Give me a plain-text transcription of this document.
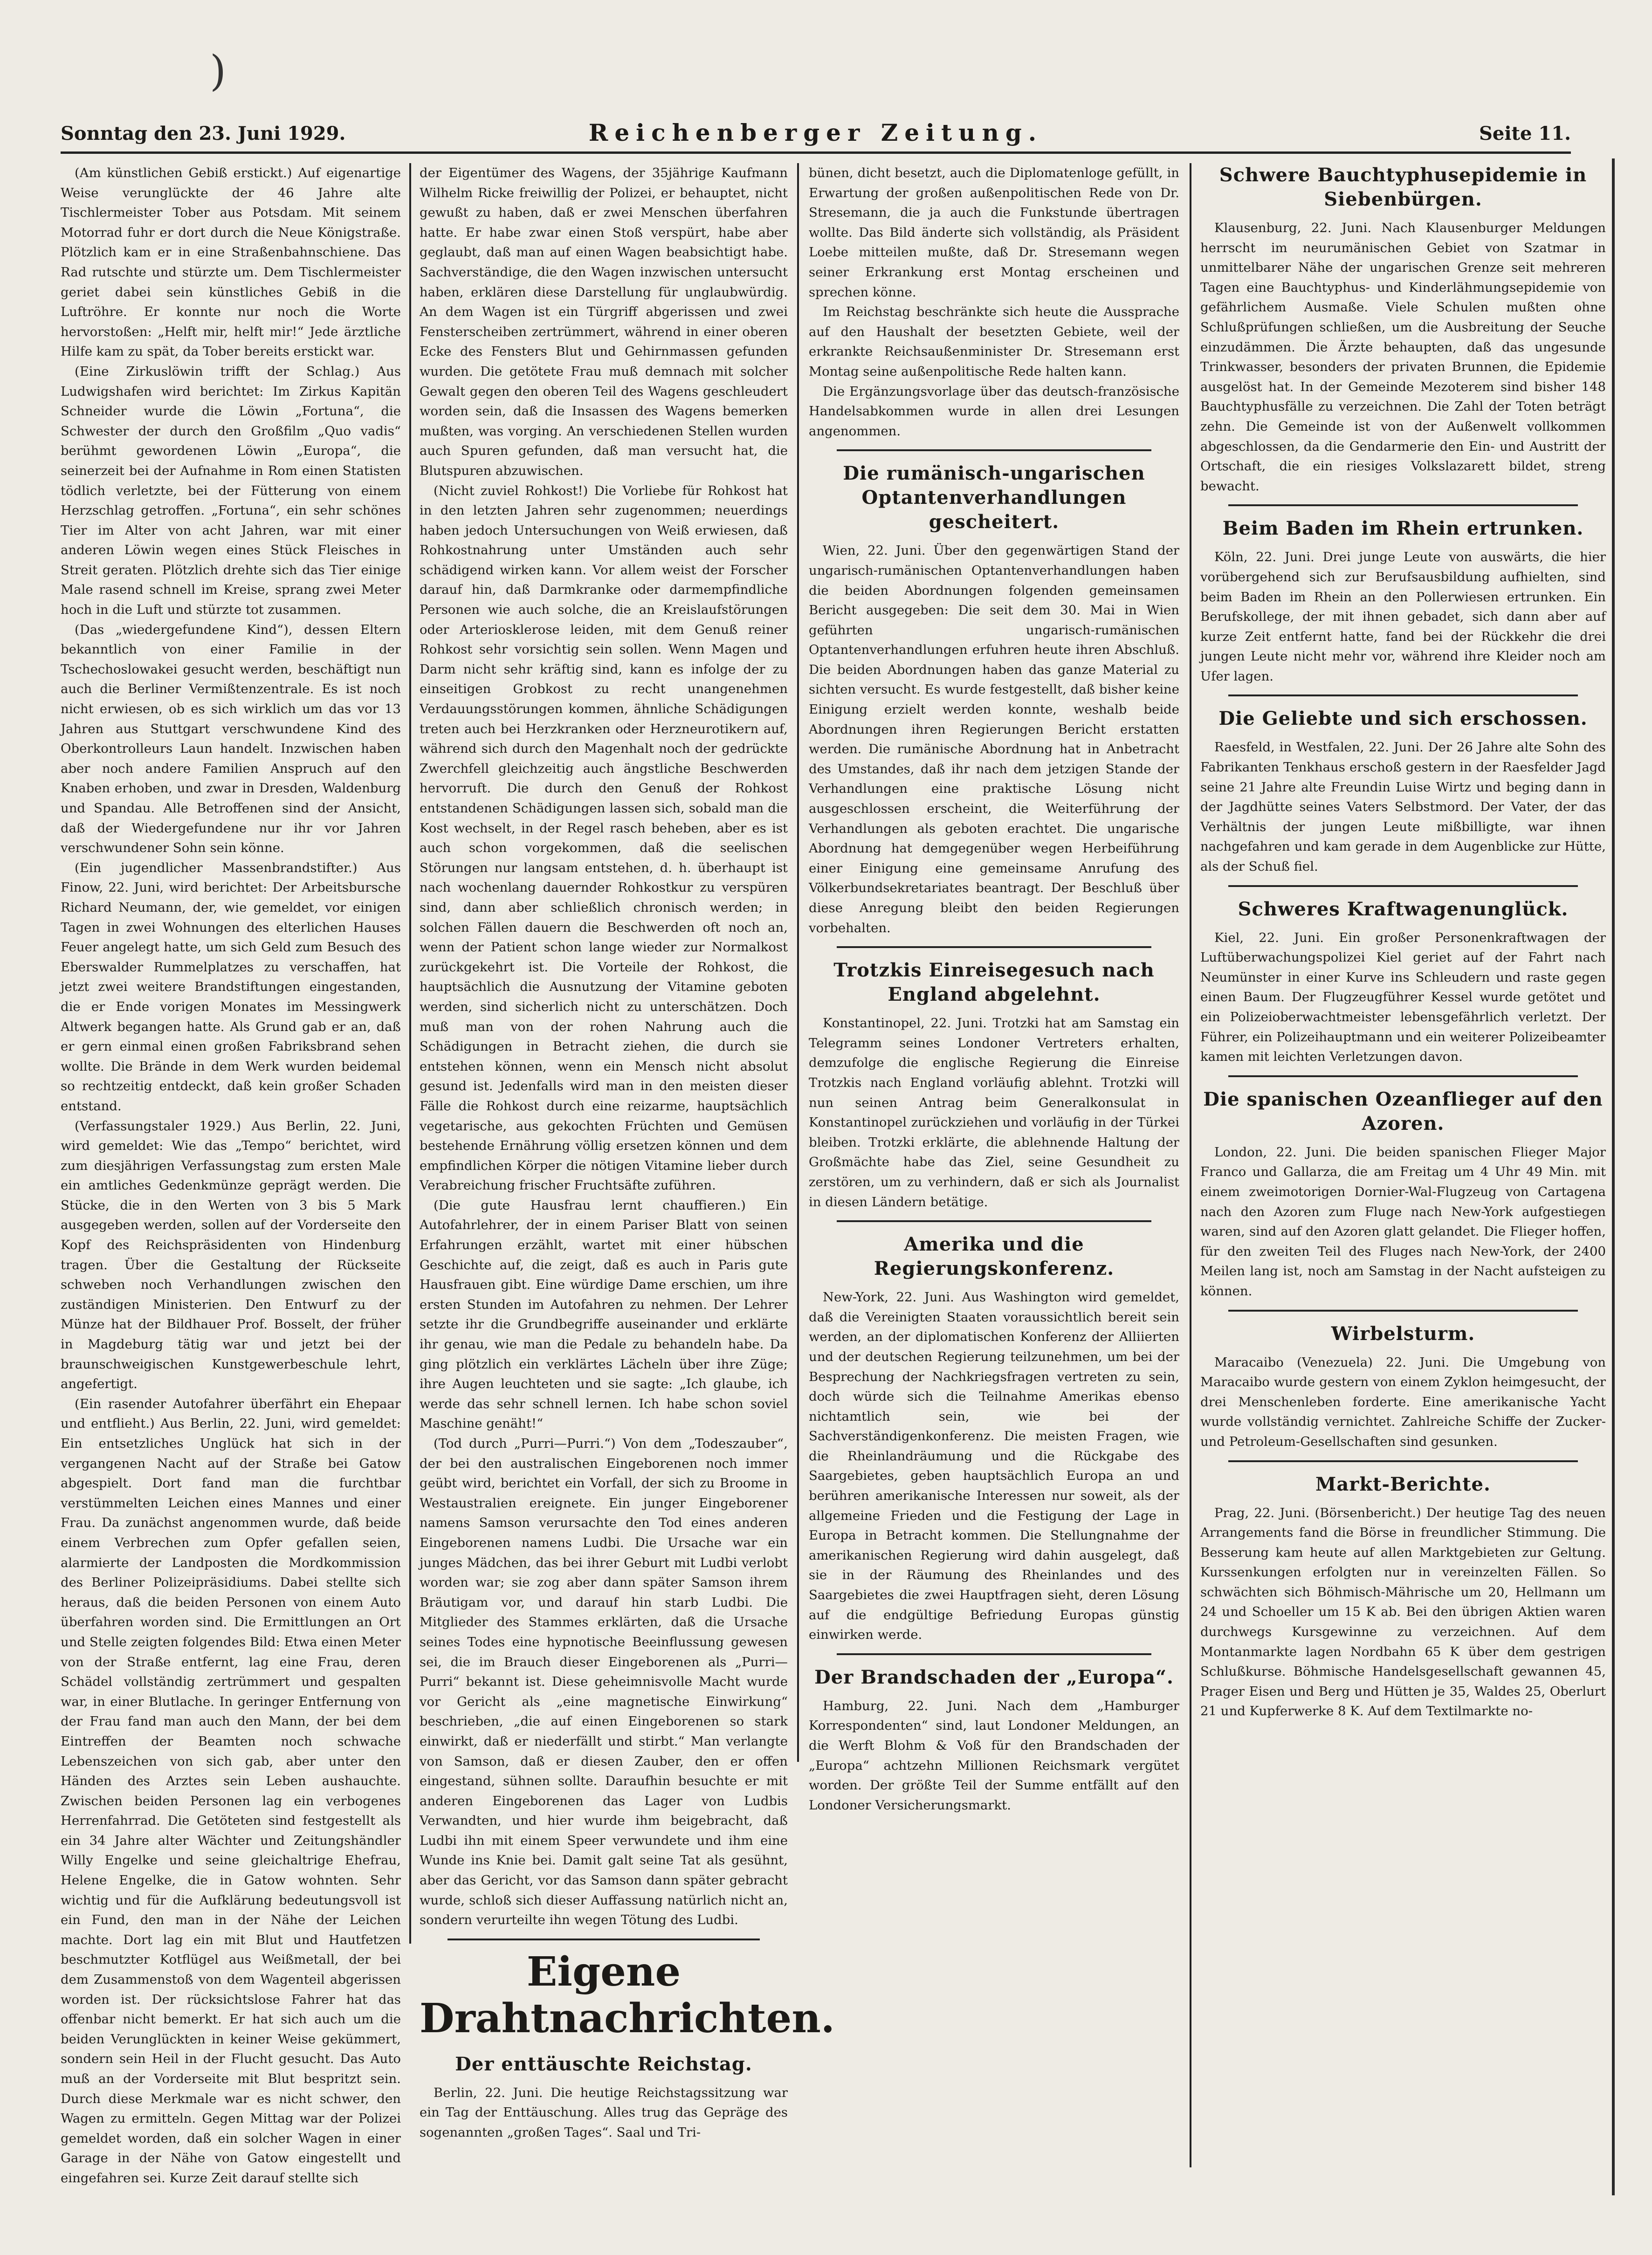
)
Sonntag den 23. Juni 1929.	Reichenberger Zeitung.	Seite 11.

(Am künstlichen Gebiß erstickt.) Auf eigenartige Weise verunglückte der 46 Jahre alte Tischlermeister Tober aus Potsdam. Mit seinem Motorrad fuhr er dort durch die Neue Königstraße. Plötzlich kam er in eine Straßenbahnschiene. Das Rad rutschte und stürzte um. Dem Tischlermeister geriet dabei sein künstliches Gebiß in die Luftröhre. Er konnte nur noch die Worte hervorstoßen: „Helft mir, helft mir!“ Jede ärztliche Hilfe kam zu spät, da Tober bereits erstickt war.

(Eine Zirkuslöwin trifft der Schlag.) Aus Ludwigshafen wird berichtet: Im Zirkus Kapitän Schneider wurde die Löwin „Fortuna“, die Schwester der durch den Großfilm „Quo vadis“ berühmt gewordenen Löwin „Europa“, die seinerzeit bei der Aufnahme in Rom einen Statisten tödlich verletzte, bei der Fütterung von einem Herzschlag getroffen. „Fortuna“, ein sehr schönes Tier im Alter von acht Jahren, war mit einer anderen Löwin wegen eines Stück Fleisches in Streit geraten. Plötzlich drehte sich das Tier einige Male rasend schnell im Kreise, sprang zwei Meter hoch in die Luft und stürzte tot zusammen.

(Das „wiedergefundene Kind“), dessen Eltern bekanntlich von einer Familie in der Tschechoslowakei gesucht werden, beschäftigt nun auch die Berliner Vermißtenzentrale. Es ist noch nicht erwiesen, ob es sich wirklich um das vor 13 Jahren aus Stuttgart verschwundene Kind des Oberkontrolleurs Laun handelt. Inzwischen haben aber noch andere Familien Anspruch auf den Knaben erhoben, und zwar in Dresden, Waldenburg und Spandau. Alle Betroffenen sind der Ansicht, daß der Wiedergefundene nur ihr vor Jahren verschwundener Sohn sein könne.

(Ein jugendlicher Massenbrandstifter.) Aus Finow, 22. Juni, wird berichtet: Der Arbeitsbursche Richard Neumann, der, wie gemeldet, vor einigen Tagen in zwei Wohnungen des elterlichen Hauses Feuer angelegt hatte, um sich Geld zum Besuch des Eberswalder Rummelplatzes zu verschaffen, hat jetzt zwei weitere Brandstiftungen eingestanden, die er Ende vorigen Monates im Messingwerk Altwerk begangen hatte. Als Grund gab er an, daß er gern einmal einen großen Fabriksbrand sehen wollte. Die Brände in dem Werk wurden beidemal so rechtzeitig entdeckt, daß kein großer Schaden entstand.

(Verfassungstaler 1929.) Aus Berlin, 22. Juni, wird gemeldet: Wie das „Tempo“ berichtet, wird zum diesjährigen Verfassungstag zum ersten Male ein amtliches Gedenkmünze geprägt werden. Die Stücke, die in den Werten von 3 bis 5 Mark ausgegeben werden, sollen auf der Vorderseite den Kopf des Reichspräsidenten von Hindenburg tragen. Über die Gestaltung der Rückseite schweben noch Verhandlungen zwischen den zuständigen Ministerien. Den Entwurf zu der Münze hat der Bildhauer Prof. Bosselt, der früher in Magdeburg tätig war und jetzt bei der braunschweigischen Kunstgewerbeschule lehrt, angefertigt.

(Ein rasender Autofahrer überfährt ein Ehepaar und entflieht.) Aus Berlin, 22. Juni, wird gemeldet: Ein entsetzliches Unglück hat sich in der vergangenen Nacht auf der Straße bei Gatow abgespielt. Dort fand man die furchtbar verstümmelten Leichen eines Mannes und einer Frau. Da zunächst angenommen wurde, daß beide einem Verbrechen zum Opfer gefallen seien, alarmierte der Landposten die Mordkommission des Berliner Polizeipräsidiums. Dabei stellte sich heraus, daß die beiden Personen von einem Auto überfahren worden sind. Die Ermittlungen an Ort und Stelle zeigten folgendes Bild: Etwa einen Meter von der Straße entfernt, lag eine Frau, deren Schädel vollständig zertrümmert und gespalten war, in einer Blutlache. In geringer Entfernung von der Frau fand man auch den Mann, der bei dem Eintreffen der Beamten noch schwache Lebenszeichen von sich gab, aber unter den Händen des Arztes sein Leben aushauchte. Zwischen beiden Personen lag ein verbogenes Herrenfahrrad. Die Getöteten sind festgestellt als ein 34 Jahre alter Wächter und Zeitungshändler Willy Engelke und seine gleichaltrige Ehefrau, Helene Engelke, die in Gatow wohnten. Sehr wichtig und für die Aufklärung bedeutungsvoll ist ein Fund, den man in der Nähe der Leichen machte. Dort lag ein mit Blut und Hautfetzen beschmutzter Kotflügel aus Weißmetall, der bei dem Zusammenstoß von dem Wagenteil abgerissen worden ist. Der rücksichtslose Fahrer hat das offenbar nicht bemerkt. Er hat sich auch um die beiden Verunglückten in keiner Weise gekümmert, sondern sein Heil in der Flucht gesucht. Das Auto muß an der Vorderseite mit Blut bespritzt sein. Durch diese Merkmale war es nicht schwer, den Wagen zu ermitteln. Gegen Mittag war der Polizei gemeldet worden, daß ein solcher Wagen in einer Garage in der Nähe von Gatow eingestellt und eingefahren sei. Kurze Zeit darauf stellte sich

der Eigentümer des Wagens, der 35jährige Kaufmann Wilhelm Ricke freiwillig der Polizei, er behauptet, nicht gewußt zu haben, daß er zwei Menschen überfahren hatte. Er habe zwar einen Stoß verspürt, habe aber geglaubt, daß man auf einen Wagen beabsichtigt habe. Sachverständige, die den Wagen inzwischen untersucht haben, erklären diese Darstellung für unglaubwürdig. An dem Wagen ist ein Türgriff abgerissen und zwei Fensterscheiben zertrümmert, während in einer oberen Ecke des Fensters Blut und Gehirnmassen gefunden wurden. Die getötete Frau muß demnach mit solcher Gewalt gegen den oberen Teil des Wagens geschleudert worden sein, daß die Insassen des Wagens bemerken mußten, was vorging. An verschiedenen Stellen wurden auch Spuren gefunden, daß man versucht hat, die Blutspuren abzuwischen.

(Nicht zuviel Rohkost!) Die Vorliebe für Rohkost hat in den letzten Jahren sehr zugenommen; neuerdings haben jedoch Untersuchungen von Weiß erwiesen, daß Rohkostnahrung unter Umständen auch sehr schädigend wirken kann. Vor allem weist der Forscher darauf hin, daß Darmkranke oder darmempfindliche Personen wie auch solche, die an Kreislaufstörungen oder Arteriosklerose leiden, mit dem Genuß reiner Rohkost sehr vorsichtig sein sollen. Wenn Magen und Darm nicht sehr kräftig sind, kann es infolge der zu einseitigen Grobkost zu recht unangenehmen Verdauungsstörungen kommen, ähnliche Schädigungen treten auch bei Herzkranken oder Herzneurotikern auf, während sich durch den Magenhalt noch der gedrückte Zwerchfell gleichzeitig auch ängstliche Beschwerden hervorruft. Die durch den Genuß der Rohkost entstandenen Schädigungen lassen sich, sobald man die Kost wechselt, in der Regel rasch beheben, aber es ist auch schon vorgekommen, daß die seelischen Störungen nur langsam entstehen, d. h. überhaupt ist nach wochenlang dauernder Rohkostkur zu verspüren sind, dann aber schließlich chronisch werden; in solchen Fällen dauern die Beschwerden oft noch an, wenn der Patient schon lange wieder zur Normalkost zurückgekehrt ist. Die Vorteile der Rohkost, die hauptsächlich die Ausnutzung der Vitamine geboten werden, sind sicherlich nicht zu unterschätzen. Doch muß man von der rohen Nahrung auch die Schädigungen in Betracht ziehen, die durch sie entstehen können, wenn ein Mensch nicht absolut gesund ist. Jedenfalls wird man in den meisten dieser Fälle die Rohkost durch eine reizarme, hauptsächlich vegetarische, aus gekochten Früchten und Gemüsen bestehende Ernährung völlig ersetzen können und dem empfindlichen Körper die nötigen Vitamine lieber durch Verabreichung frischer Fruchtsäfte zuführen.

(Die gute Hausfrau lernt chauffieren.) Ein Autofahrlehrer, der in einem Pariser Blatt von seinen Erfahrungen erzählt, wartet mit einer hübschen Geschichte auf, die zeigt, daß es auch in Paris gute Hausfrauen gibt. Eine würdige Dame erschien, um ihre ersten Stunden im Autofahren zu nehmen. Der Lehrer setzte ihr die Grundbegriffe auseinander und erklärte ihr genau, wie man die Pedale zu behandeln habe. Da ging plötzlich ein verklärtes Lächeln über ihre Züge; ihre Augen leuchteten und sie sagte: „Ich glaube, ich werde das sehr schnell lernen. Ich habe schon soviel Maschine genäht!“

(Tod durch „Purri—Purri.“) Von dem „Todeszauber“, der bei den australischen Eingeborenen noch immer geübt wird, berichtet ein Vorfall, der sich zu Broome in Westaustralien ereignete. Ein junger Eingeborener namens Samson verursachte den Tod eines anderen Eingeborenen namens Ludbi. Die Ursache war ein junges Mädchen, das bei ihrer Geburt mit Ludbi verlobt worden war; sie zog aber dann später Samson ihrem Bräutigam vor, und darauf hin starb Ludbi. Die Mitglieder des Stammes erklärten, daß die Ursache seines Todes eine hypnotische Beeinflussung gewesen sei, die im Brauch dieser Eingeborenen als „Purri—Purri“ bekannt ist. Diese geheimnisvolle Macht wurde vor Gericht als „eine magnetische Einwirkung“ beschrieben, „die auf einen Eingeborenen so stark einwirkt, daß er niederfällt und stirbt.“ Man verlangte von Samson, daß er diesen Zauber, den er offen eingestand, sühnen sollte. Daraufhin besuchte er mit anderen Eingeborenen das Lager von Ludbis Verwandten, und hier wurde ihm beigebracht, daß Ludbi ihn mit einem Speer verwundete und ihm eine Wunde ins Knie bei. Damit galt seine Tat als gesühnt, aber das Gericht, vor das Samson dann später gebracht wurde, schloß sich dieser Auffassung natürlich nicht an, sondern verurteilte ihn wegen Tötung des Ludbi.

Eigene Drahtnachrichten.
Der enttäuschte Reichstag.

Berlin, 22. Juni. Die heutige Reichstagssitzung war ein Tag der Enttäuschung. Alles trug das Gepräge des sogenannten „großen Tages“. Saal und Tri-

bünen, dicht besetzt, auch die Diplomatenloge gefüllt, in Erwartung der großen außenpolitischen Rede von Dr. Stresemann, die ja auch die Funkstunde übertragen wollte. Das Bild änderte sich vollständig, als Präsident Loebe mitteilen mußte, daß Dr. Stresemann wegen seiner Erkrankung erst Montag erscheinen und sprechen könne.

Im Reichstag beschränkte sich heute die Aussprache auf den Haushalt der besetzten Gebiete, weil der erkrankte Reichsaußenminister Dr. Stresemann erst Montag seine außenpolitische Rede halten kann.

Die Ergänzungsvorlage über das deutsch-französische Handelsabkommen wurde in allen drei Lesungen angenommen.

Die rumänisch-ungarischen Optantenverhandlungen gescheitert.

Wien, 22. Juni. Über den gegenwärtigen Stand der ungarisch-rumänischen Optantenverhandlungen haben die beiden Abordnungen folgenden gemeinsamen Bericht ausgegeben: Die seit dem 30. Mai in Wien geführten ungarisch-rumänischen Optantenverhandlungen erfuhren heute ihren Abschluß. Die beiden Abordnungen haben das ganze Material zu sichten versucht. Es wurde festgestellt, daß bisher keine Einigung erzielt werden konnte, weshalb beide Abordnungen ihren Regierungen Bericht erstatten werden. Die rumänische Abordnung hat in Anbetracht des Umstandes, daß ihr nach dem jetzigen Stande der Verhandlungen eine praktische Lösung nicht ausgeschlossen erscheint, die Weiterführung der Verhandlungen als geboten erachtet. Die ungarische Abordnung hat demgegenüber wegen Herbeiführung einer Einigung eine gemeinsame Anrufung des Völkerbundsekretariates beantragt. Der Beschluß über diese Anregung bleibt den beiden Regierungen vorbehalten.

Trotzkis Einreisegesuch nach England abgelehnt.

Konstantinopel, 22. Juni. Trotzki hat am Samstag ein Telegramm seines Londoner Vertreters erhalten, demzufolge die englische Regierung die Einreise Trotzkis nach England vorläufig ablehnt. Trotzki will nun seinen Antrag beim Generalkonsulat in Konstantinopel zurückziehen und vorläufig in der Türkei bleiben. Trotzki erklärte, die ablehnende Haltung der Großmächte habe das Ziel, seine Gesundheit zu zerstören, um zu verhindern, daß er sich als Journalist in diesen Ländern betätige.

Amerika und die Regierungskonferenz.

New-York, 22. Juni. Aus Washington wird gemeldet, daß die Vereinigten Staaten voraussichtlich bereit sein werden, an der diplomatischen Konferenz der Alliierten und der deutschen Regierung teilzunehmen, um bei der Besprechung der Nachkriegsfragen vertreten zu sein, doch würde sich die Teilnahme Amerikas ebenso nichtamtlich sein, wie bei der Sachverständigenkonferenz. Die meisten Fragen, wie die Rheinlandräumung und die Rückgabe des Saargebietes, geben hauptsächlich Europa an und berühren amerikanische Interessen nur soweit, als der allgemeine Frieden und die Festigung der Lage in Europa in Betracht kommen. Die Stellungnahme der amerikanischen Regierung wird dahin ausgelegt, daß sie in der Räumung des Rheinlandes und des Saargebietes die zwei Hauptfragen sieht, deren Lösung auf die endgültige Befriedung Europas günstig einwirken werde.

Der Brandschaden der „Europa“.

Hamburg, 22. Juni. Nach dem „Hamburger Korrespondenten“ sind, laut Londoner Meldungen, an die Werft Blohm & Voß für den Brandschaden der „Europa“ achtzehn Millionen Reichsmark vergütet worden. Der größte Teil der Summe entfällt auf den Londoner Versicherungsmarkt.

Schwere Bauchtyphusepidemie in Siebenbürgen.

Klausenburg, 22. Juni. Nach Klausenburger Meldungen herrscht im neurumänischen Gebiet von Szatmar in unmittelbarer Nähe der ungarischen Grenze seit mehreren Tagen eine Bauchtyphus- und Kinderlähmungsepidemie von gefährlichem Ausmaße. Viele Schulen mußten ohne Schlußprüfungen schließen, um die Ausbreitung der Seuche einzudämmen. Die Ärzte behaupten, daß das ungesunde Trinkwasser, besonders der privaten Brunnen, die Epidemie ausgelöst hat. In der Gemeinde Mezoterem sind bisher 148 Bauchtyphusfälle zu verzeichnen. Die Zahl der Toten beträgt zehn. Die Gemeinde ist von der Außenwelt vollkommen abgeschlossen, da die Gendarmerie den Ein- und Austritt der Ortschaft, die ein riesiges Volkslazarett bildet, streng bewacht.

Beim Baden im Rhein ertrunken.

Köln, 22. Juni. Drei junge Leute von auswärts, die hier vorübergehend sich zur Berufsausbildung aufhielten, sind beim Baden im Rhein an den Pollerwiesen ertrunken. Ein Berufskollege, der mit ihnen gebadet, sich dann aber auf kurze Zeit entfernt hatte, fand bei der Rückkehr die drei jungen Leute nicht mehr vor, während ihre Kleider noch am Ufer lagen.

Die Geliebte und sich erschossen.

Raesfeld, in Westfalen, 22. Juni. Der 26 Jahre alte Sohn des Fabrikanten Tenkhaus erschoß gestern in der Raesfelder Jagd seine 21 Jahre alte Freundin Luise Wirtz und beging dann in der Jagdhütte seines Vaters Selbstmord. Der Vater, der das Verhältnis der jungen Leute mißbilligte, war ihnen nachgefahren und kam gerade in dem Augenblicke zur Hütte, als der Schuß fiel.

Schweres Kraftwagenunglück.

Kiel, 22. Juni. Ein großer Personenkraftwagen der Luftüberwachungspolizei Kiel geriet auf der Fahrt nach Neumünster in einer Kurve ins Schleudern und raste gegen einen Baum. Der Flugzeugführer Kessel wurde getötet und ein Polizeioberwachtmeister lebensgefährlich verletzt. Der Führer, ein Polizeihauptmann und ein weiterer Polizeibeamter kamen mit leichten Verletzungen davon.

Die spanischen Ozeanflieger auf den Azoren.

London, 22. Juni. Die beiden spanischen Flieger Major Franco und Gallarza, die am Freitag um 4 Uhr 49 Min. mit einem zweimotorigen Dornier-Wal-Flugzeug von Cartagena nach den Azoren zum Fluge nach New-York aufgestiegen waren, sind auf den Azoren glatt gelandet. Die Flieger hoffen, für den zweiten Teil des Fluges nach New-York, der 2400 Meilen lang ist, noch am Samstag in der Nacht aufsteigen zu können.

Wirbelsturm.

Maracaibo (Venezuela) 22. Juni. Die Umgebung von Maracaibo wurde gestern von einem Zyklon heimgesucht, der drei Menschenleben forderte. Eine amerikanische Yacht wurde vollständig vernichtet. Zahlreiche Schiffe der Zucker- und Petroleum-Gesellschaften sind gesunken.

Markt-Berichte.

Prag, 22. Juni. (Börsenbericht.) Der heutige Tag des neuen Arrangements fand die Börse in freundlicher Stimmung. Die Besserung kam heute auf allen Marktgebieten zur Geltung. Kurssenkungen erfolgten nur in vereinzelten Fällen. So schwächten sich Böhmisch-Mährische um 20, Hellmann um 24 und Schoeller um 15 K ab. Bei den übrigen Aktien waren durchwegs Kursgewinne zu verzeichnen. Auf dem Montanmarkte lagen Nordbahn 65 K über dem gestrigen Schlußkurse. Böhmische Handelsgesellschaft gewannen 45, Prager Eisen und Berg und Hütten je 35, Waldes 25, Oberlurt 21 und Kupferwerke 8 K. Auf dem Textilmarkte no-
